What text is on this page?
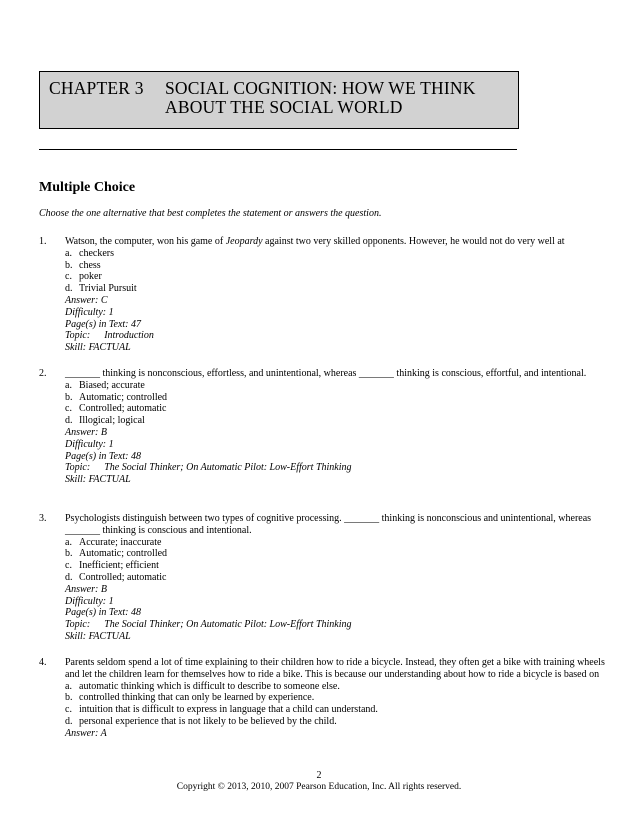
CHAPTER 3 SOCIAL COGNITION: HOW WE THINK
ABOUT THE SOCIAL WORLD
Multiple Choice
Choose the one alternative that best completes the statement or answers the question.
1. Watson, the computer, won his game of Jeopardy against two very skilled opponents. However, he would not do very well at
a. checkers
b. chess
c. poker
d. Trivial Pursuit
Answer: C
Difficulty: 1
Page(s) in Text: 47
Topic: Introduction
Skill: FACTUAL
2. _______ thinking is nonconscious, effortless, and unintentional, whereas _______ thinking is conscious, effortful, and intentional.
a. Biased; accurate
b. Automatic; controlled
c. Controlled; automatic
d. Illogical; logical
Answer: B
Difficulty: 1
Page(s) in Text: 48
Topic: The Social Thinker; On Automatic Pilot: Low-Effort Thinking
Skill: FACTUAL
3. Psychologists distinguish between two types of cognitive processing. _______ thinking is nonconscious and unintentional, whereas _______ thinking is conscious and intentional.
a. Accurate; inaccurate
b. Automatic; controlled
c. Inefficient; efficient
d. Controlled; automatic
Answer: B
Difficulty: 1
Page(s) in Text: 48
Topic: The Social Thinker; On Automatic Pilot: Low-Effort Thinking
Skill: FACTUAL
4. Parents seldom spend a lot of time explaining to their children how to ride a bicycle. Instead, they often get a bike with training wheels and let the children learn for themselves how to ride a bike. This is because our understanding about how to ride a bicycle is based on
a. automatic thinking which is difficult to describe to someone else.
b. controlled thinking that can only be learned by experience.
c. intuition that is difficult to express in language that a child can understand.
d. personal experience that is not likely to be believed by the child.
Answer: A
2
Copyright © 2013, 2010, 2007 Pearson Education, Inc. All rights reserved.
